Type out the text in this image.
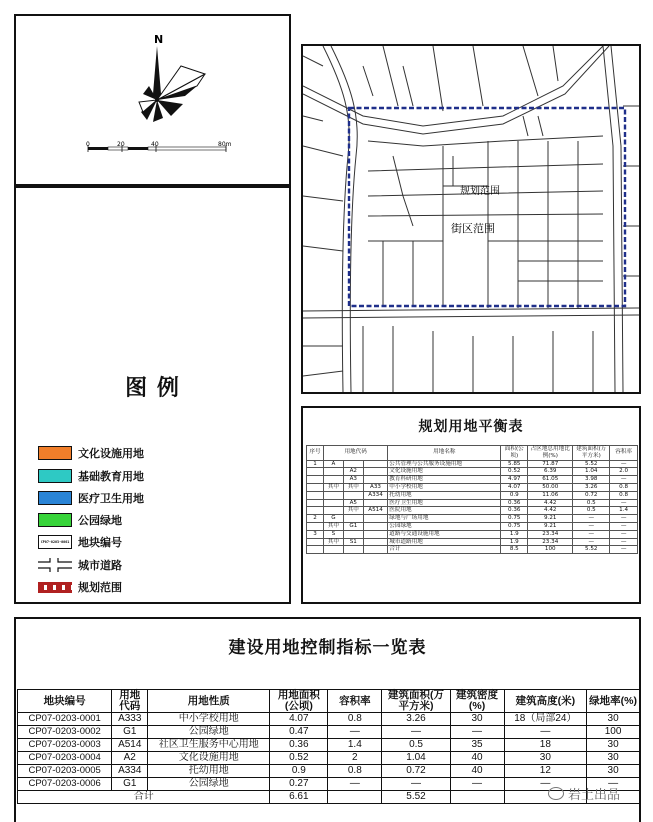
N
0	20	40	80m
图 例
文化设施用地
基础教育用地
医疗卫生用地
公园绿地
CP07-0203-0001 地块编号
城市道路
规划范围
规划范围
街区范围
规划用地平衡表
序号	用地代码			用地名称	面积(公顷)	占区地总用地比例(%)	建筑面积(万平方米)	容积率
1	A			公共管理与公共服务设施用地	5.85	71.87	5.52	—
		A2		文化设施用地	0.52	6.39	1.04	2.0
		A3		教育科研用地	4.97	61.05	3.98	—
	其中	其中	A33	中小学校用地	4.07	50.00	3.26	0.8
			A334	托幼用地	0.9	11.06	0.72	0.8
		A5		医疗卫生用地	0.36	4.42	0.5	—
		其中	A514	医院用地	0.36	4.42	0.5	1.4
2	G			绿地与广场用地	0.75	9.21	—	—
	其中	G1		公园绿地	0.75	9.21	—	—
3	S			道路与交通设施用地	1.9	23.34	—	—
	其中	S1		城市道路用地	1.9	23.34	—	—
				合计	8.5	100	5.52	—
建设用地控制指标一览表
地块编号	用地代码	用地性质	用地面积(公顷)	容积率	建筑面积(万平方米)	建筑密度(%)	建筑高度(米)	绿地率(%)
CP07-0203-0001	A333	中小学校用地	4.07	0.8	3.26	30	18（局部24）	30
CP07-0203-0002	G1	公园绿地	0.47	—	—	—	—	100
CP07-0203-0003	A514	社区卫生服务中心用地	0.36	1.4	0.5	35	18	30
CP07-0203-0004	A2	文化设施用地	0.52	2	1.04	40	30	30
CP07-0203-0005	A334	托幼用地	0.9	0.8	0.72	40	12	30
CP07-0203-0006	G1	公园绿地	0.27	—	—	—	—	—
合计			6.61		5.52				岩土出品
